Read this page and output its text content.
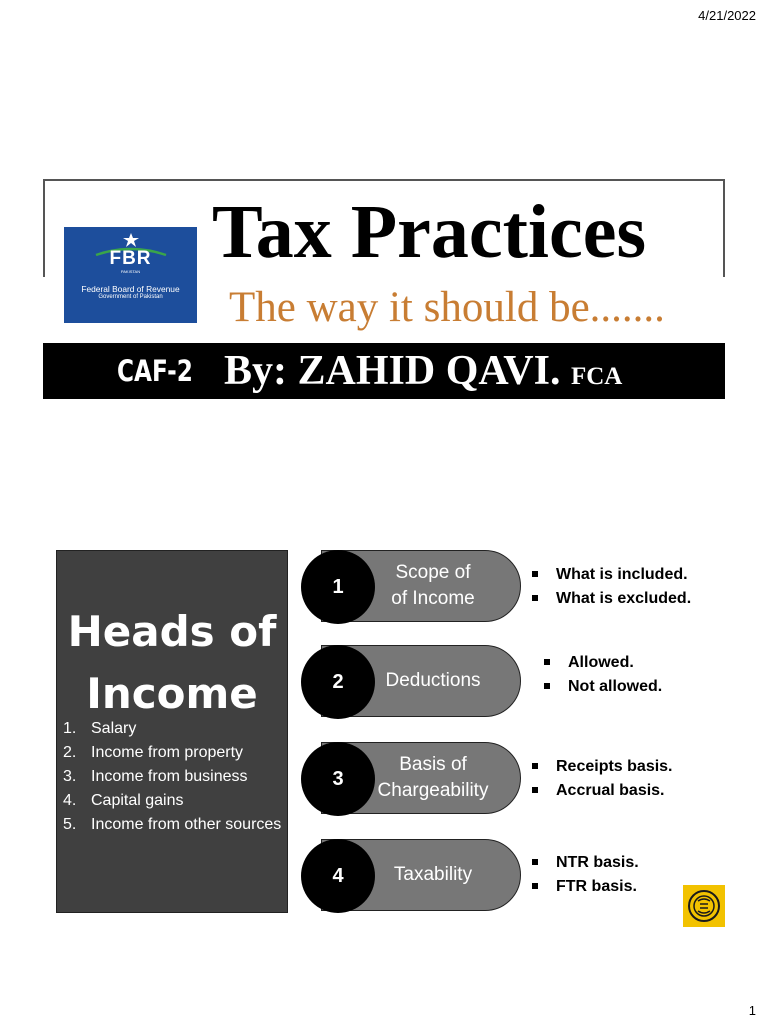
4/21/2022
FBR
PAKISTAN
Federal Board of Revenue
Government of Pakistan
Tax Practices
The way it should be.......
CAF-2 By: ZAHID QAVI. FCA
Heads of Income
1. Salary
2. Income from property
3. Income from business
4. Capital gains
5. Income from other sources
1
Scope of
of Income
What is included.
What is excluded.
2	Deductions
Allowed.
Not allowed.
3
Basis of
Chargeability
Receipts basis.
Accrual basis.
4	Taxability
NTR basis.
FTR basis.
1
